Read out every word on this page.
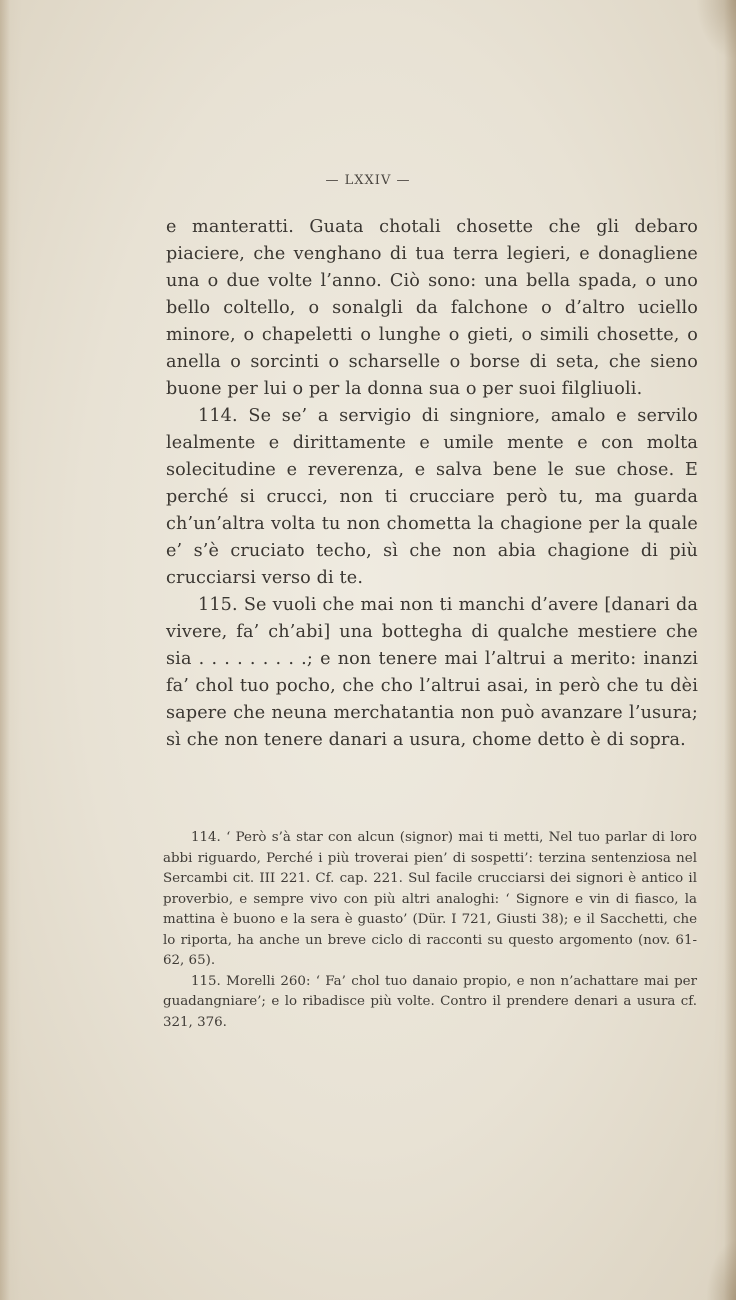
— LXXIV —

e manteratti. Guata chotali chosette che gli debaro piaciere, che venghano di tua terra legieri, e donagliene una o due volte l’anno. Ciò sono: una bella spada, o uno bello coltello, o sonalgli da falchone o d’altro uciello minore, o chapeletti o lunghe o gieti, o simili chosette, o anella o sorcinti o scharselle o borse di seta, che sieno buone per lui o per la donna sua o per suoi filgliuoli.

114. Se se’ a servigio di singniore, amalo e servilo lealmente e dirittamente e umile mente e con molta solecitudine e reverenza, e salva bene le sue chose. E perché si crucci, non ti crucciare però tu, ma guarda ch’un’altra volta tu non chometta la chagione per la quale e’ s’è cruciato techo, sì che non abia chagione di più crucciarsi verso di te.

115. Se vuoli che mai non ti manchi d’avere [danari da vivere, fa’ ch’abi] una bottegha di qualche mestiere che sia . . . . . . . . .; e non tenere mai l’altrui a merito: inanzi fa’ chol tuo pocho, che cho l’altrui asai, in però che tu dèi sapere che neuna merchatantia non può avanzare l’usura; sì che non tenere danari a usura, chome detto è di sopra.

114. ‘ Però s’à star con alcun (signor) mai ti metti, Nel tuo parlar di loro abbi riguardo, Perché i più troverai pien’ di sospetti’: terzina sentenziosa nel Sercambi cit. III 221. Cf. cap. 221. Sul facile crucciarsi dei signori è antico il proverbio, e sempre vivo con più altri analoghi: ‘ Signore e vin di fiasco, la mattina è buono e la sera è guasto’ (Dür. I 721, Giusti 38); e il Sacchetti, che lo riporta, ha anche un breve ciclo di racconti su questo argomento (nov. 61-62, 65).

115. Morelli 260: ‘ Fa’ chol tuo danaio propio, e non n’achattare mai per guadangniare’; e lo ribadisce più volte. Contro il prendere denari a usura cf. 321, 376.
